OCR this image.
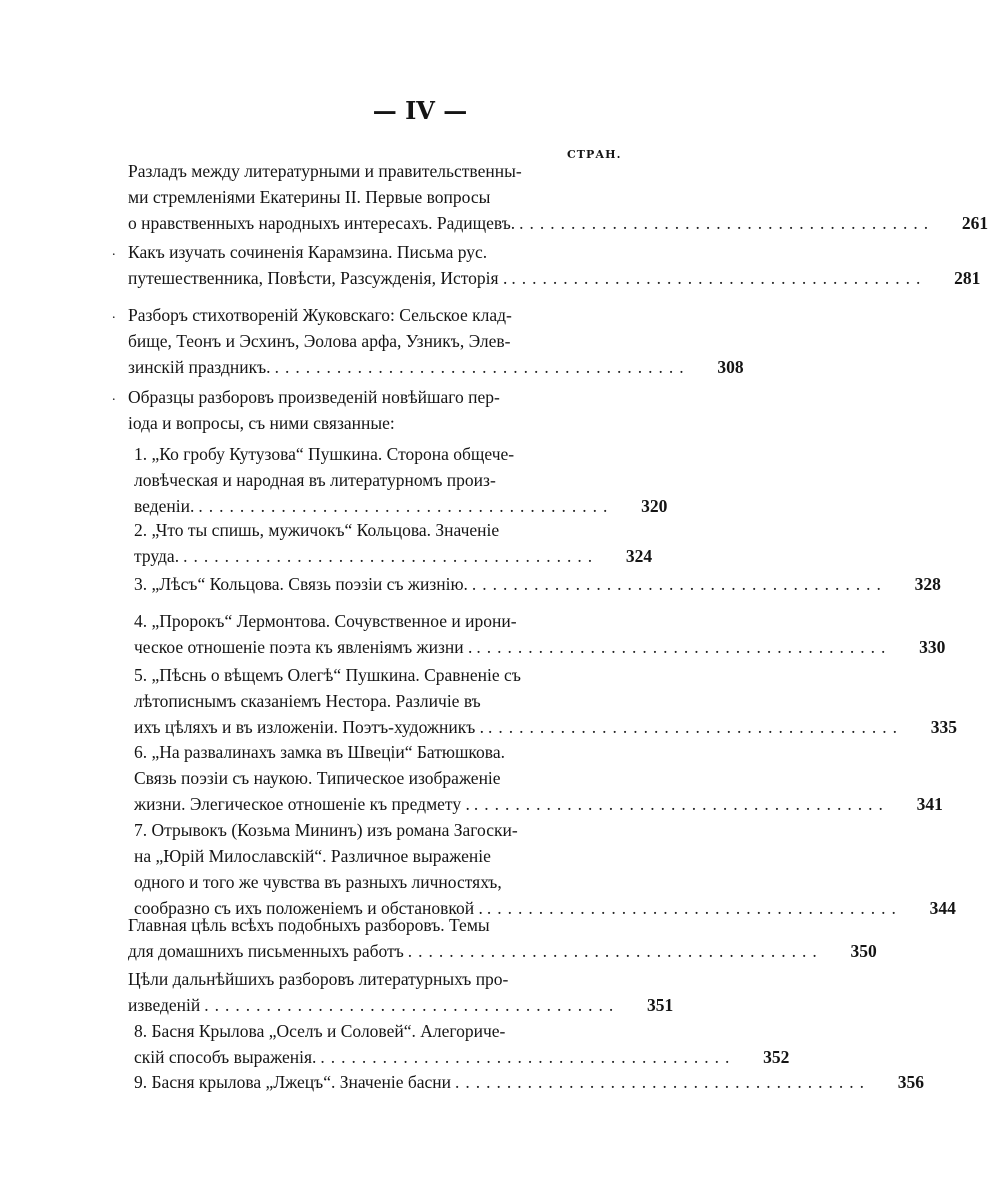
— IV —
СТРАН.
Разладъ между литературными и правительственны-
ми стремленiями Екатерины II. Первые вопросы
о нравственныхъ народныхъ интересахъ. Радищевъ. ........................................	261
. Какъ изучать сочиненiя Карамзина. Письма рус.
путешественника, Повѣсти, Разсужденiя, Исторiя . ........................................	281
. Разборъ стихотворенiй Жуковскаго: Сельское клад-
бище, Теонъ и Эсхинъ, Эолова арфа, Узникъ, Элев-
зинскiй праздникъ. ........................................	308
. Образцы разборовъ произведенiй новѣйшаго пер-
iода и вопросы, съ ними связанные:
1. „Ко гробу Кутузова“ Пушкина. Сторона общече-
ловѣческая и народная въ литературномъ произ-
веденiи. ........................................	320
2. „Что ты спишь, мужичокъ“ Кольцова. Значенiе
труда. ........................................	324
3. „Лѣсъ“ Кольцова. Связь поэзiи съ жизнiю. ........................................	328
4. „Пророкъ“ Лермонтова. Сочувственное и ирони-
ческое отношенiе поэта къ явленiямъ жизни . ........................................	330
5. „Пѣснь о вѣщемъ Олегѣ“ Пушкина. Сравненiе съ
лѣтописнымъ сказанiемъ Нестора. Различiе въ
ихъ цѣляхъ и въ изложенiи. Поэтъ-художникъ . ........................................	335
6. „На развалинахъ замка въ Швецiи“ Батюшкова.
Связь поэзiи съ наукою. Типическое изображенiе
жизни. Элегическое отношенiе къ предмету . ........................................	341
7. Отрывокъ (Козьма Мининъ) изъ романа Загоски-
на „Юрiй Милославскiй“. Различное выраженiе
одного и того же чувства въ разныхъ личностяхъ,
сообразно съ ихъ положенiемъ и обстановкой . ........................................	344
Главная цѣль всѣхъ подобныхъ разборовъ. Темы
для домашнихъ письменныхъ работъ ........................................	350
Цѣли дальнѣйшихъ разборовъ литературныхъ про-
изведенiй ........................................	351
8. Басня Крылова „Оселъ и Соловей“. Алегориче-
скiй способъ выраженiя. ........................................	352
9. Басня крылова „Лжецъ“. Значенiе басни ........................................	356
